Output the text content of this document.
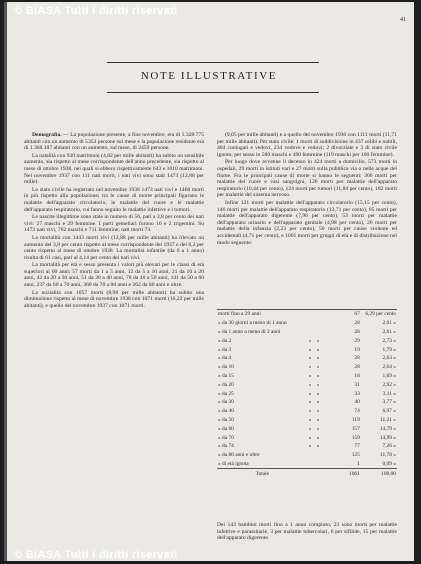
© BiASA Tutti i diritti riservati
41
NOTE ILLUSTRATIVE

Demografia. — La popolazione presente, a fine novembre, era di 1.328.775 abitanti con un aumento di 5353 persone sul mese e la popolazione residente era di 1.368.187 abitanti con un aumento, sul mese, di 2459 persone.

La natalità con 930 matrimoni (4,82 per mille abitanti) ha subito un sensibile aumento, sia rispetto al mese corrispondente dell'anno precedente, sia rispetto al mese di ottobre 1938, nei quali si ebbero rispettivamente 643 e 1010 matrimoni. Nel novembre 1937 con 111 nati morti, i nati vivi sono stati 1473 (12,88 per mille).

Lo stato civile ha registrato nel novembre 1938 1473 nati vivi e 1468 morti in più rispetto alla popolazione; tra le cause di morte principali figurano le malattie dell'apparato circolatorio, le malattie del cuore e le malattie dell'apparato respiratorio, cui fanno seguito le malattie infettive e i tumori.

Le nascite illegittime sono state in numero di 56, pari a 3,8 per cento dei nati vivi: 27 maschi e 29 femmine. I parti gemellari furono 16 e 2 trigemini. Su 1473 nati vivi, 762 maschi e 711 femmine; nati morti 73.

La mortalità con 1443 morti vivi (12,88 per mille abitanti) ha rilevato un aumento del 3,8 per cento rispetto al mese corrispondente del 1937 e del 6,2 per cento rispetto al mese di ottobre 1938. La mortalità infantile (da 0 a 1 anno) risulta di 61 casi, pari al 4,14 per cento dei nati vivi.

La mortalità per età e sesso presenta i valori più elevati per le classi di età superiori ai 60 anni; 57 morti da 1 a 5 anni, 12 da 5 a 10 anni, 21 da 10 a 20 anni, 42 da 20 a 30 anni, 51 da 30 a 40 anni, 78 da 40 a 50 anni, 141 da 50 a 60 anni, 237 da 60 a 70 anni, 360 da 70 a 80 anni e 262 da 80 anni e oltre.

La nuzialità con 1057 morti (8,98 per mille abitanti) ha subito una diminuzione rispetto al mese di novembre 1938 con 1071 morti (16,22 per mille abitanti), e quello del novembre 1937 con 1071 morti.

(9,05 per mille abitanti) e a quello del novembre 1936 con 1111 morti (11,71 per mille abitanti). Per stato civile: 1 morti di suddivisione in 437 celibi e nubili, 404 coniugati e vedovi, 234 vedove e vedovi; 2 divorziate e 3 di stato civile ignoto; per sesso in 580 maschi e 490 femmine (119 maschi per 100 femmine).

Per luogo dove avvenne il decesso in 424 morti a domicilio, 573 morti in ospedali, 29 morti in istituti vari e 27 morti sulla pubblica via o nelle acque del fiume. Fra le principali cause di morte si hanno le seguenti: 306 morti per malattie del cuore e vasi sanguigni, 126 morti per malattie dell'apparato respiratorio (10,44 per cento), 124 morti per tumori (11,84 per cento), 182 morti per malattie del sistema nervoso.

Infine 121 morti per malattie dell'apparato circolatorio (15,15 per cento), 146 morti per malattie dell'apparato respiratorio (13,71 per cento), 85 morti per malattie dell'apparato digerente (7,96 per cento), 53 morti per malattie dell'apparato urinario e dell'apparato genitale (4,98 per cento), 26 morti per malattie della infanzia (2,23 per cento), 50 morti per cause violente ed accidentali (4,71 per cento), e 1061 morti per gruppi di età e di distribuzione nel modo seguente:

morti fino a 29 anni		67	6,29 per cento
» da 30 giorni a meno di 1 anno		28	2,61 »
» da 1 anno a meno di 2 anni		28	2,61 »
» da 2	» »	29	2,73 »
» da 3	» »	19	1,79 »
» da 4	» »	28	2,63 »
» da 10	» »	28	2,64 »
» da 15	» »	18	1,69 »
» da 20	» »	31	2,92 »
» da 25	» »	33	3,11 »
» da 30	» »	40	3,77 »
» da 40	» »	74	6,97 »
» da 50	» »	119	11,21 »
» da 60	» »	157	14,79 »
» da 70	» »	159	14,99 »
» da 74	» »	77	7,26 »
» da 80 anni e oltre		125	11,78 »
» di età ignota		1	0,09 »
Totale		1061	100,00
Dei 143 bambini morti fino a 1 anno compiuto, 23 sono morti per malattie infettive e parassitarie, 3 per malattie tubercolari, 6 per sifilide, 15 per malattie dell'apparato digerente.
© BiASA Tutti i diritti riservati
